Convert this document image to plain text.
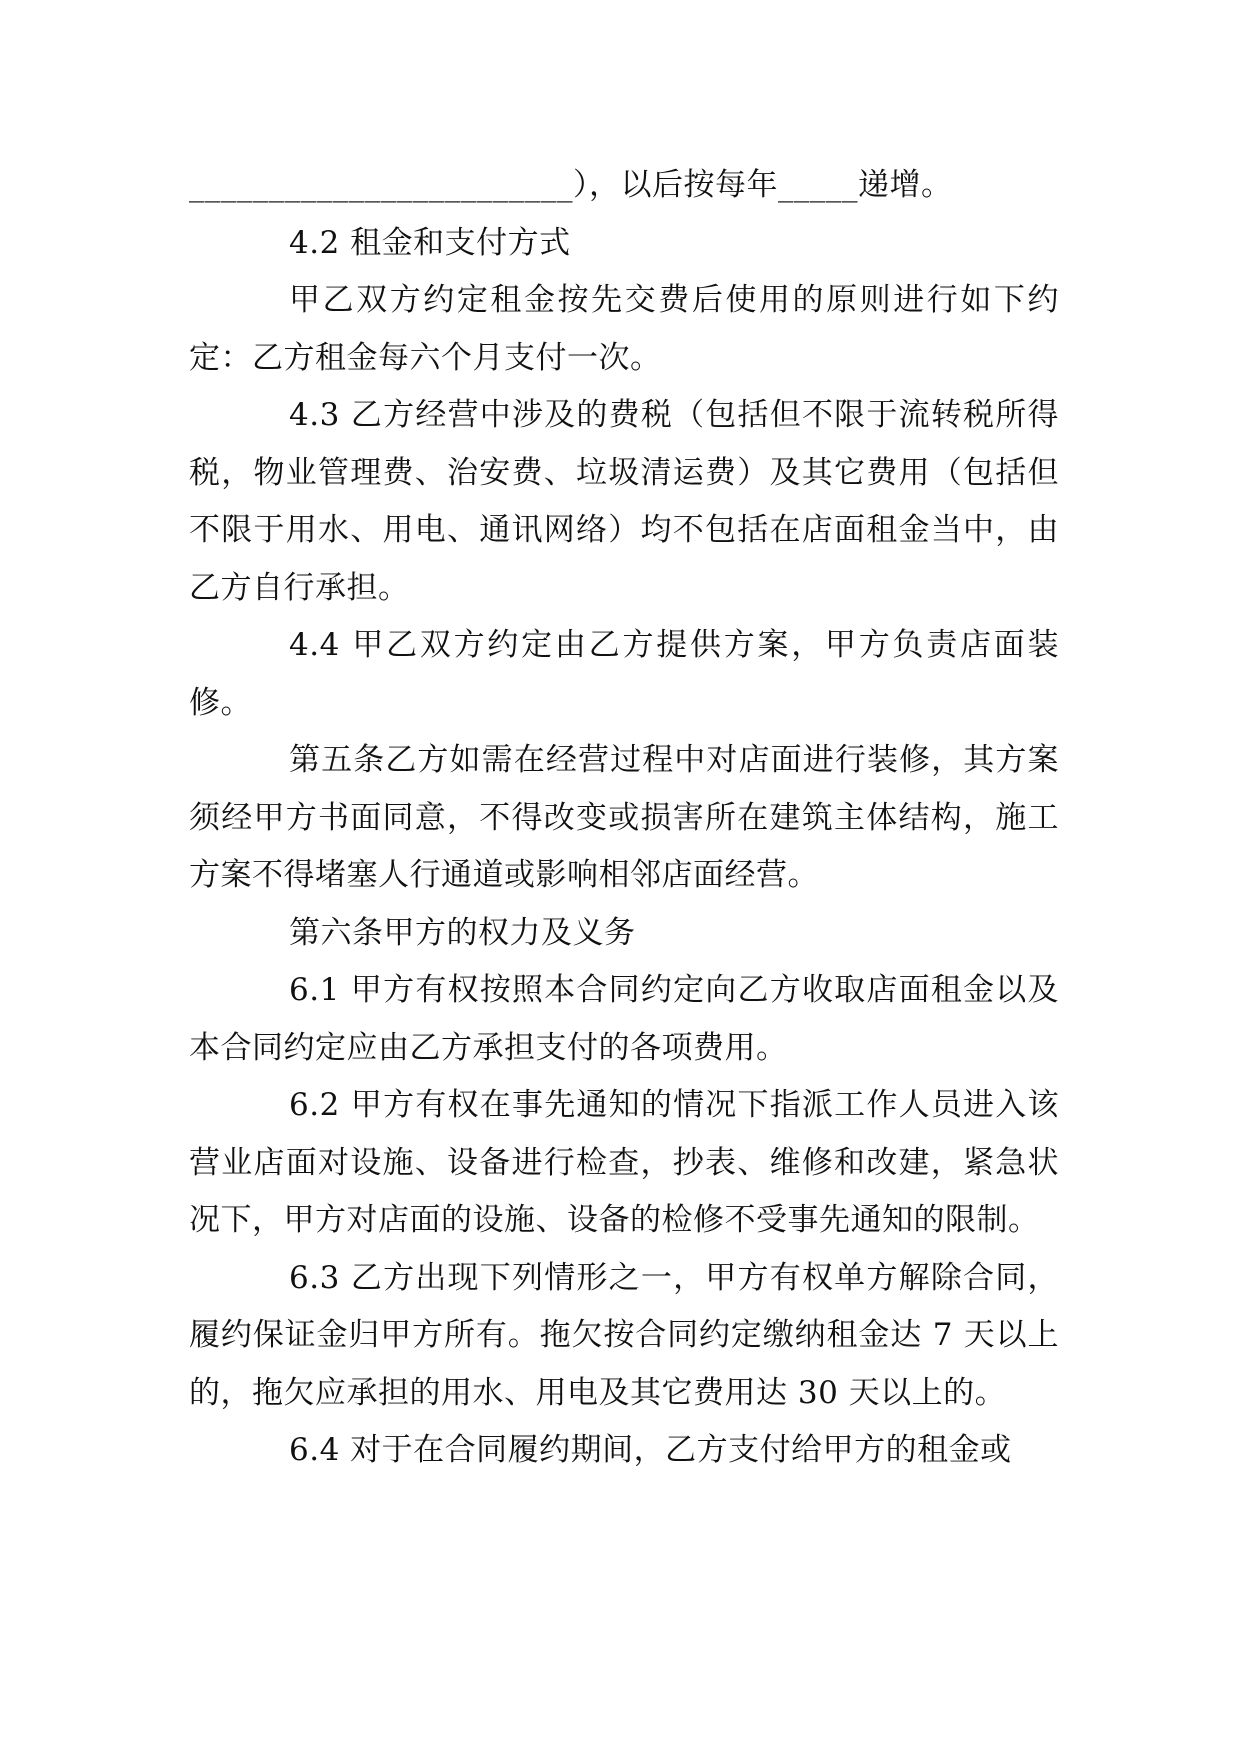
________________________），以后按每年_____递增。

4.2 租金和支付方式

甲乙双方约定租金按先交费后使用的原则进行如下约定：乙方租金每六个月支付一次。

4.3 乙方经营中涉及的费税（包括但不限于流转税所得税，物业管理费、治安费、垃圾清运费）及其它费用（包括但不限于用水、用电、通讯网络）均不包括在店面租金当中，由乙方自行承担。

4.4 甲乙双方约定由乙方提供方案，甲方负责店面装修。

第五条乙方如需在经营过程中对店面进行装修，其方案须经甲方书面同意，不得改变或损害所在建筑主体结构，施工方案不得堵塞人行通道或影响相邻店面经营。

第六条甲方的权力及义务

6.1 甲方有权按照本合同约定向乙方收取店面租金以及本合同约定应由乙方承担支付的各项费用。

6.2 甲方有权在事先通知的情况下指派工作人员进入该营业店面对设施、设备进行检查，抄表、维修和改建，紧急状况下，甲方对店面的设施、设备的检修不受事先通知的限制。

6.3 乙方出现下列情形之一，甲方有权单方解除合同，履约保证金归甲方所有。拖欠按合同约定缴纳租金达 7 天以上的，拖欠应承担的用水、用电及其它费用达 30 天以上的。

6.4 对于在合同履约期间，乙方支付给甲方的租金或
